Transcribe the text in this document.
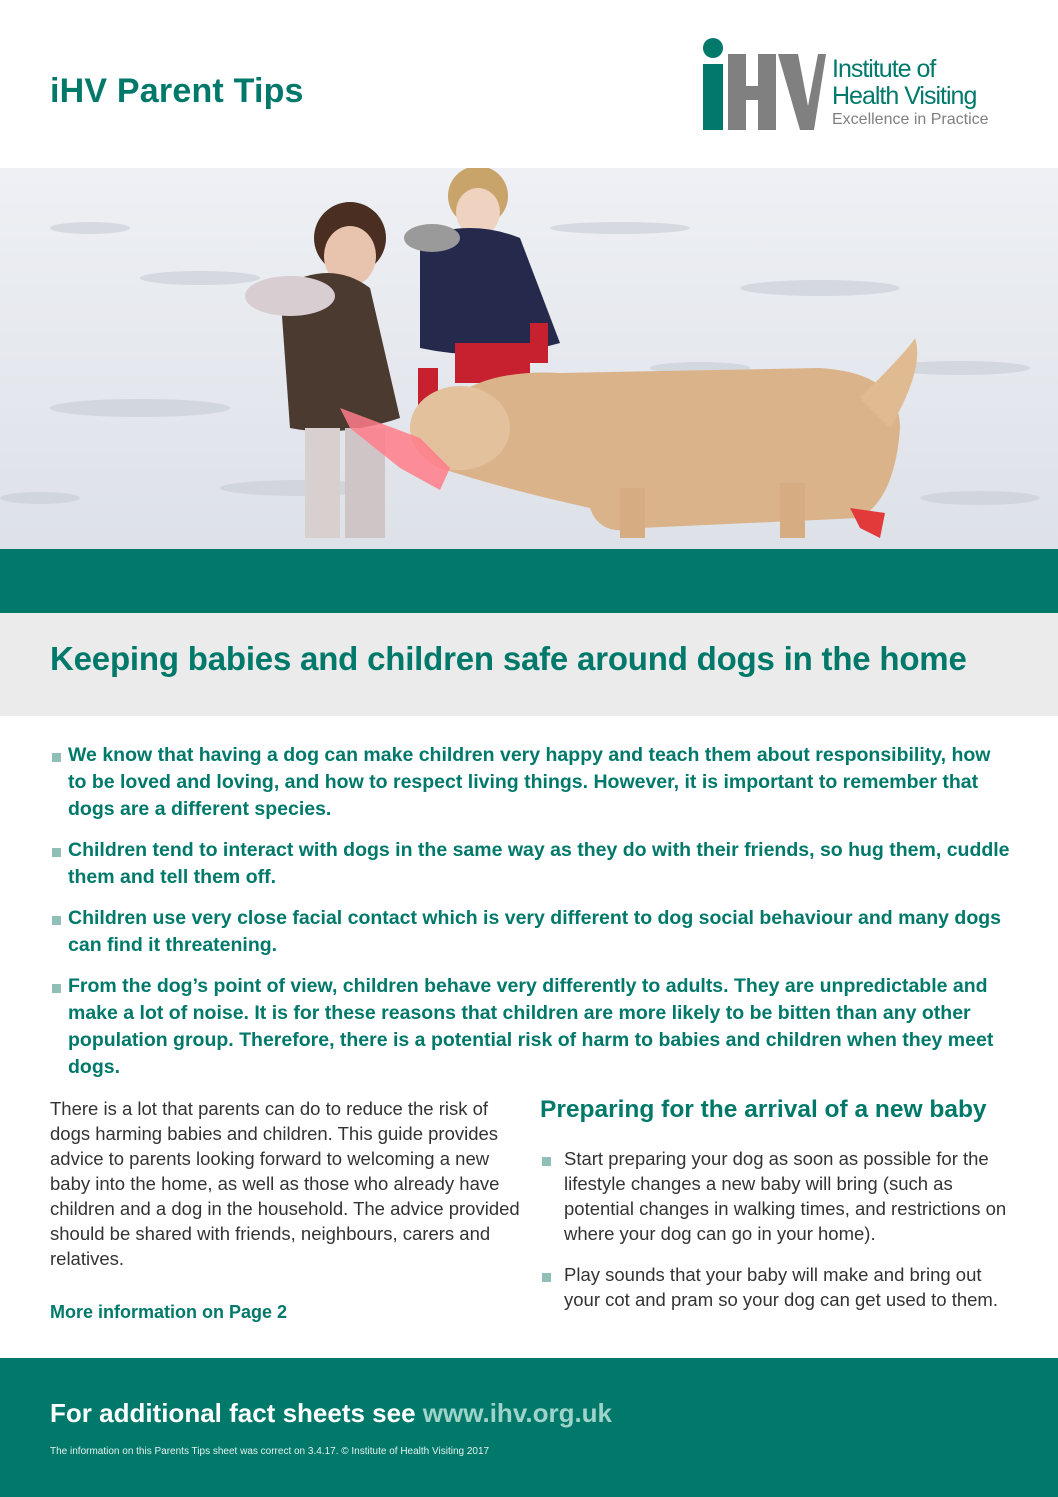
iHV Parent Tips
Institute of
Health Visiting
Excellence in Practice
Keeping babies and children safe around dogs in the home
We know that having a dog can make children very happy and teach them about responsibility, how to be loved and loving, and how to respect living things. However, it is important to remember that dogs are a different species.
Children tend to interact with dogs in the same way as they do with their friends, so hug them, cuddle them and tell them off.
Children use very close facial contact which is very different to dog social behaviour and many dogs can find it threatening.
From the dog’s point of view, children behave very differently to adults. They are unpredictable and make a lot of noise. It is for these reasons that children are more likely to be bitten than any other population group. Therefore, there is a potential risk of harm to babies and children when they meet dogs.

There is a lot that parents can do to reduce the risk of dogs harming babies and children. This guide provides advice to parents looking forward to welcoming a new baby into the home, as well as those who already have children and a dog in the household. The advice provided should be shared with friends, neighbours, carers and relatives.

More information on Page 2
Preparing for the arrival of a new baby
Start preparing your dog as soon as possible for the lifestyle changes a new baby will bring (such as potential changes in walking times, and restrictions on where your dog can go in your home).
Play sounds that your baby will make and bring out your cot and pram so your dog can get used to them.

For additional fact sheets see www.ihv.org.uk

The information on this Parents Tips sheet was correct on 3.4.17. © Institute of Health Visiting 2017
